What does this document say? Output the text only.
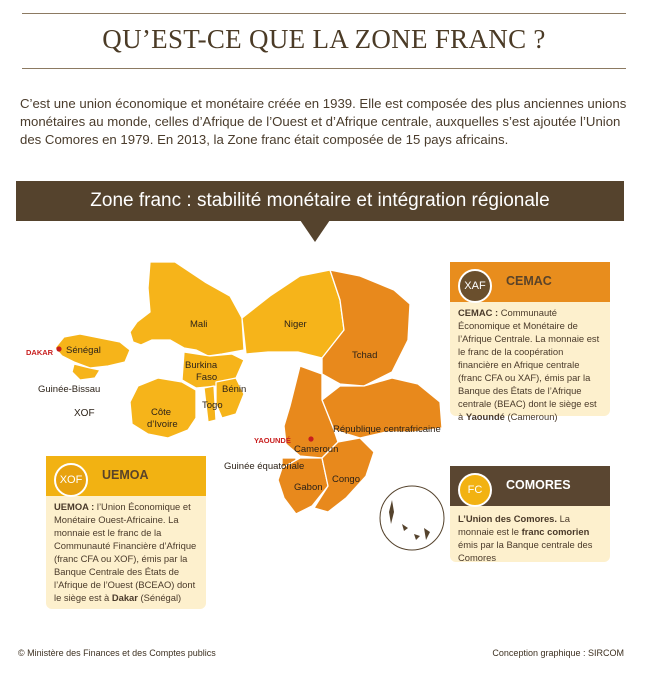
QU’EST-CE QUE LA ZONE FRANC ?
C’est une union économique et monétaire créée en 1939. Elle est composée des plus anciennes unions monétaires au monde, celles d’Afrique de l’Ouest et d’Afrique centrale, auxquelles s’est ajoutée l’Union des Comores en 1979. En 2013, la Zone franc était composée de 15 pays africains.
Zone franc : stabilité monétaire et intégration régionale
Mali	Niger
Sénégal
Guinée-Bissau
Burkina
Faso
Côte
d’Ivoire
Bénin
Togo
Tchad
République centrafricaine
Cameroun
Guinée équatoriale
Gabon
Congo
XOF
DAKAR
YAOUNDÉ
XAF	CEMAC
CEMAC : Communauté Économique et Monétaire de l’Afrique Centrale. La monnaie est le franc de la coopération financière en Afrique centrale (franc CFA ou XAF), émis par la Banque des États de l’Afrique centrale (BEAC) dont le siège est à Yaoundé (Cameroun)
XOF	UEMOA
UEMOA : l’Union Économique et Monétaire Ouest-Africaine. La monnaie est le franc de la Communauté Financière d’Afrique (franc CFA ou XOF), émis par la Banque Centrale des États de l’Afrique de l’Ouest (BCEAO) dont le siège est à Dakar (Sénégal)
FC	COMORES
L’Union des Comores. La monnaie est le franc comorien émis par la Banque centrale des Comores
© Ministère des Finances et des Comptes publics	Conception graphique : SIRCOM
